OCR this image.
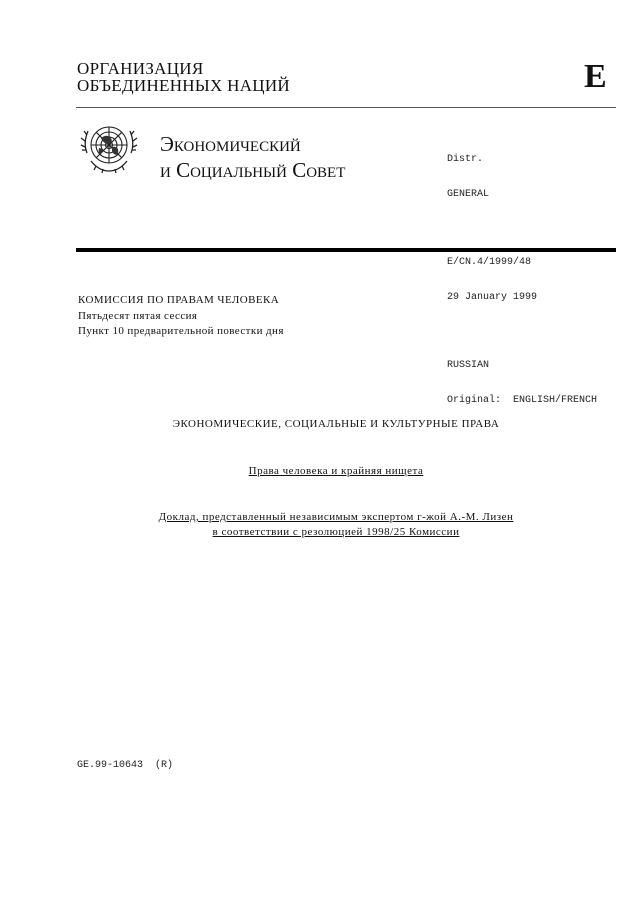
ОРГАНИЗАЦИЯ
ОБЪЕДИНЕННЫХ НАЦИЙ	E
Экономический
и Социальный Совет

	Distr.

GENERAL

E/CN.4/1999/48

29 January 1999

RUSSIAN

Original:  ENGLISH/FRENCH

КОМИССИЯ ПО ПРАВАМ ЧЕЛОВЕКА
Пятьдесят пятая сессия
Пункт 10 предварительной повестки дня
ЭКОНОМИЧЕСКИЕ, СОЦИАЛЬНЫЕ И КУЛЬТУРНЫЕ ПРАВА
Права человека и крайняя нищета
Доклад, представленный независимым экспертом г-жой А.-М. Лизен
в соответствии с резолюцией 1998/25 Комиссии
GE.99-10643  (R)
